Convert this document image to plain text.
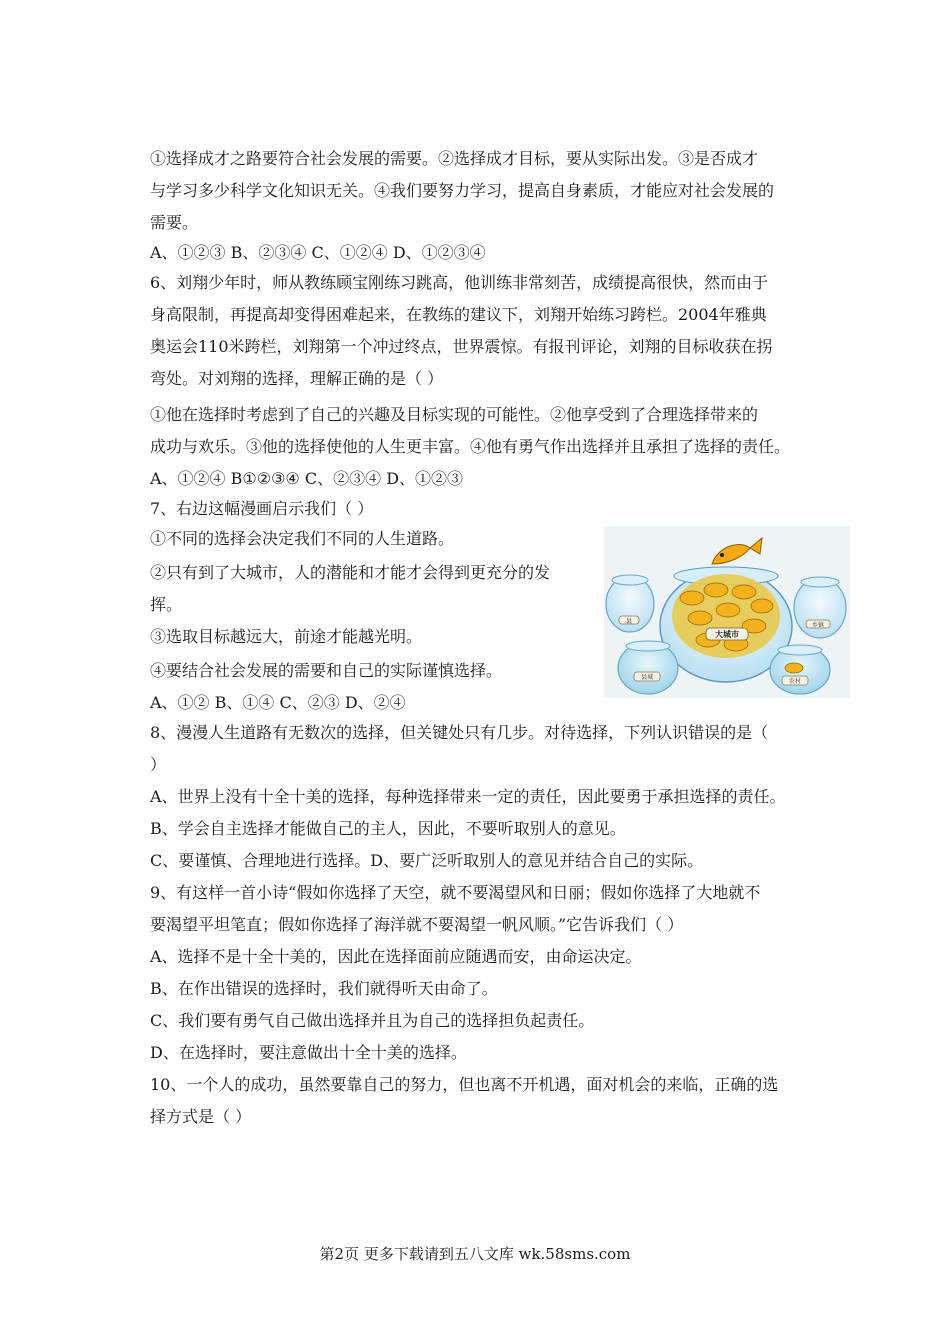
①选择成才之路要符合社会发展的需要。②选择成才目标，要从实际出发。③是否成才
与学习多少科学文化知识无关。④我们要努力学习，提高自身素质，才能应对社会发展的
需要。
A、①②③ B、②③④ C、①②④ D、①②③④
6、刘翔少年时，师从教练顾宝刚练习跳高，他训练非常刻苦，成绩提高很快，然而由于
身高限制，再提高却变得困难起来，在教练的建议下，刘翔开始练习跨栏。2004年雅典
奥运会110米跨栏，刘翔第一个冲过终点，世界震惊。有报刊评论，刘翔的目标收获在拐
弯处。对刘翔的选择，理解正确的是（ ）
①他在选择时考虑到了自己的兴趣及目标实现的可能性。②他享受到了合理选择带来的
成功与欢乐。③他的选择使他的人生更丰富。④他有勇气作出选择并且承担了选择的责任。
A、①②④ B①②③④ C、②③④ D、①②③
7、右边这幅漫画启示我们（ ）
①不同的选择会决定我们不同的人生道路。
②只有到了大城市，人的潜能和才能才会得到更充分的发
挥。
③选取目标越远大，前途才能越光明。
④要结合社会发展的需要和自己的实际谨慎选择。
A、①② B、①④ C、②③ D、②④
8、漫漫人生道路有无数次的选择，但关键处只有几步。对待选择，下列认识错误的是（
）
A、世界上没有十全十美的选择，每种选择带来一定的责任，因此要勇于承担选择的责任。
B、学会自主选择才能做自己的主人，因此，不要听取别人的意见。
C、要谨慎、合理地进行选择。D、要广泛听取别人的意见并结合自己的实际。
9、有这样一首小诗“假如你选择了天空，就不要渴望风和日丽；假如你选择了大地就不
要渴望平坦笔直；假如你选择了海洋就不要渴望一帆风顺。”它告诉我们（ ）
A、选择不是十全十美的，因此在选择面前应随遇而安，由命运决定。
B、在作出错误的选择时，我们就得听天由命了。
C、我们要有勇气自己做出选择并且为自己的选择担负起责任。
D、在选择时，要注意做出十全十美的选择。
10、一个人的成功，虽然要靠自己的努力，但也离不开机遇，面对机会的来临，正确的选
择方式是（ ）
县
乡镇
大城市
县城
农村
乡
第2页 更多下载请到五八文库 wk.58sms.com
